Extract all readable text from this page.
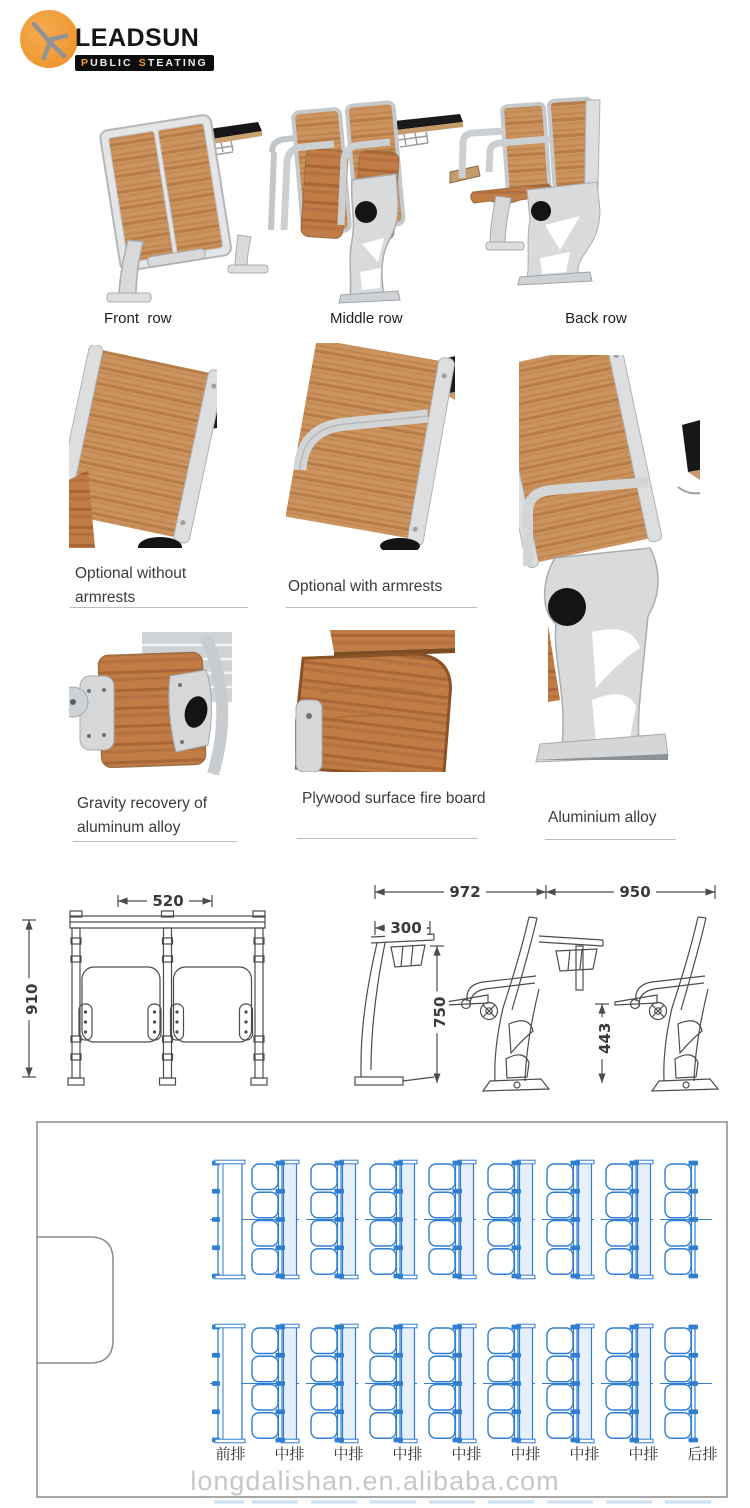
LEADSUN
PUBLIC STEATING
Front  row	Middle row	Back row
Optional without armrests
Optional with armrests
Aluminium alloy
Gravity recovery of aluminum alloy
Plywood surface fire board
520
910
972	950
300
750
443
前排	中排	中排	中排	中排	中排	中排	中排	后排
longdalishan.en.alibaba.com
